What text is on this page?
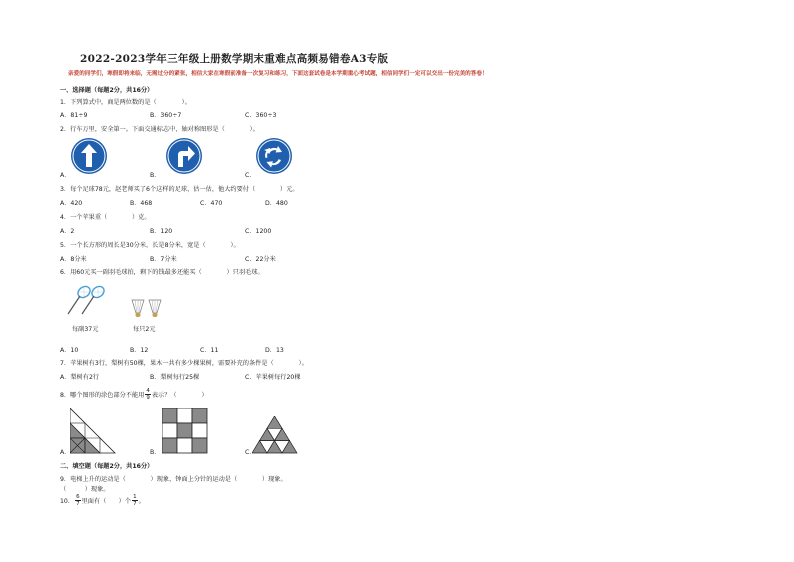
2022-2023学年三年级上册数学期末重难点高频易错卷A3专版
亲爱的同学们，寒假即将来临，无需过分的紧张，相信大家在寒假前准备一次复习和练习，下面这套试卷是本学期重心考试题，相信同学们一定可以交出一份完美的答卷！
一、选择题（每题2分，共16分）
1．下列算式中，商是两位数的是（　　　　）。
A．81÷9	B．360÷7	C．360÷3
2．行车万里，安全第一。下面交通标志中，轴对称图形是（　　　　）。
A．	B．	C．
3．每个足球78元，赵老师买了6个这样的足球，估一估，他大约要付（　　　　）元。
A．420	B．468	C．470	D．480
4．一个苹果重（　　　　）克。
A．2	B．120	C．1200
5．一个长方形的周长是30分米，长是8分米，宽是（　　　　）。
A．8分米	B．7分米	C．22分米
6．用60元买一副羽毛球拍，剩下的钱最多还能买（　　　　）只羽毛球。
每副37元	每只2元
A．10	B．12	C．11	D．13
7．苹果树有3行，梨树有50棵，果木一共有多少棵果树，需要补充的条件是（　　　　）。
A．梨树有2行	B．梨树每行25棵	C．苹果树每行20棵
8．哪个图形的涂色部分不能用 $\frac{4}{9}$ 表示？（　　　　）
A．	B．	C．
二、填空题（每题2分，共16分）
9．电梯上升的运动是（　　　　）现象，钟面上分针的运动是（　　　　）现象。
（　　　）现象。
10． $\frac{6}{7}$ 里面有（　　）个 $\frac{1}{7}$ 。
